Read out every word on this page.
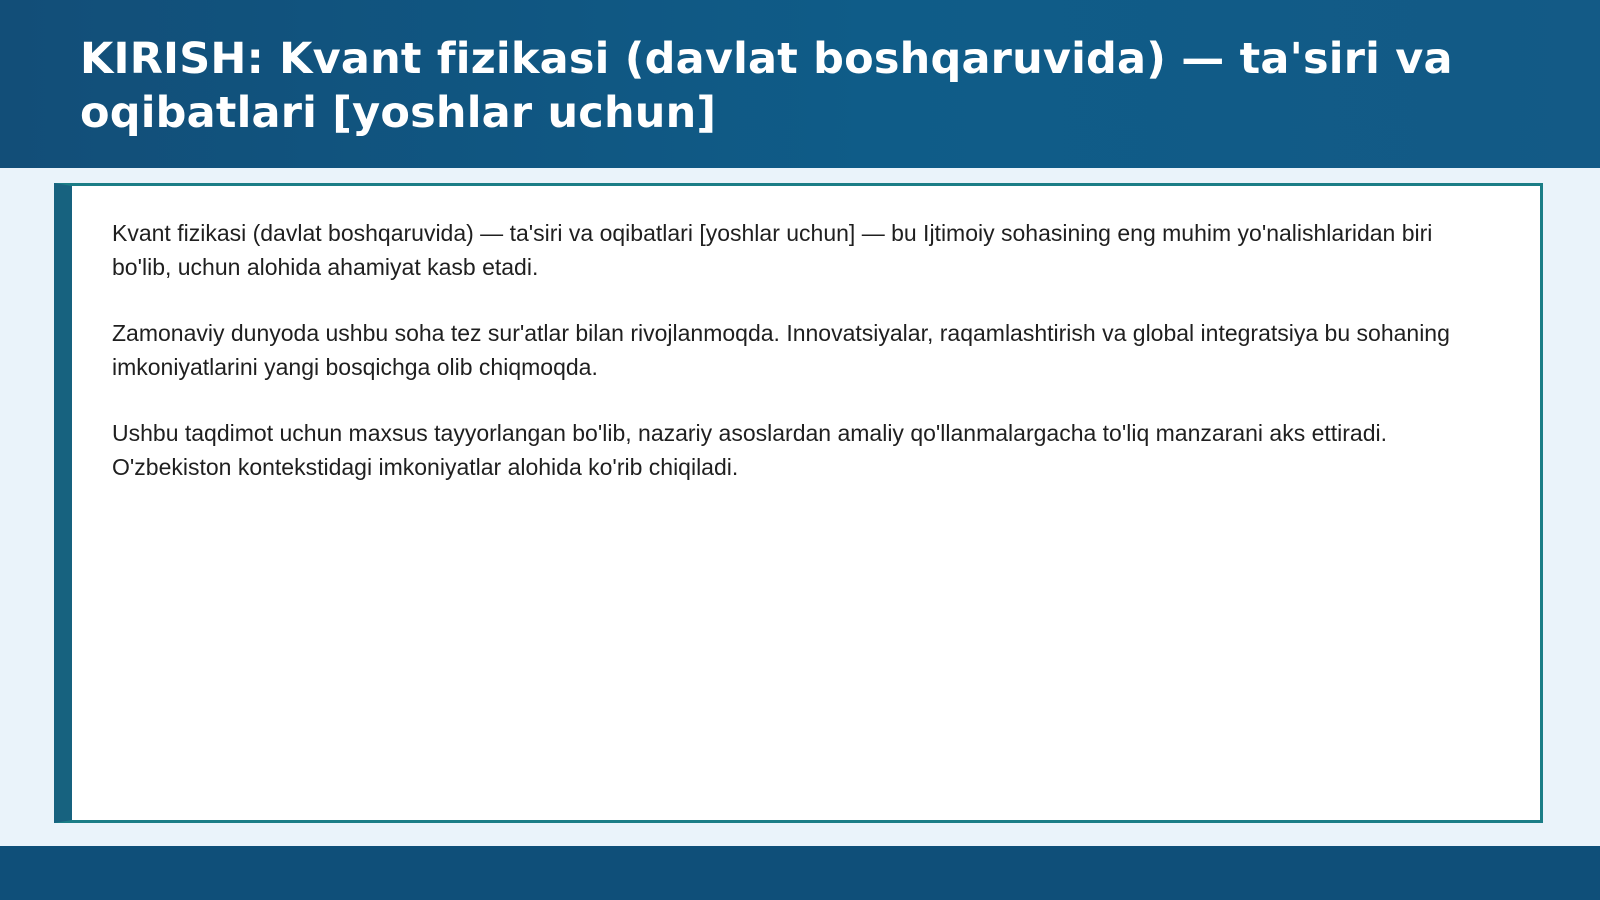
KIRISH: Kvant fizikasi (davlat boshqaruvida) — ta'siri va oqibatlari [yoshlar uchun]

Kvant fizikasi (davlat boshqaruvida) — ta'siri va oqibatlari [yoshlar uchun] — bu Ijtimoiy sohasining eng muhim yo'nalishlaridan biri bo'lib, uchun alohida ahamiyat kasb etadi.

Zamonaviy dunyoda ushbu soha tez sur'atlar bilan rivojlanmoqda. Innovatsiyalar, raqamlashtirish va global integratsiya bu sohaning imkoniyatlarini yangi bosqichga olib chiqmoqda.

Ushbu taqdimot uchun maxsus tayyorlangan bo'lib, nazariy asoslardan amaliy qo'llanmalargacha to'liq manzarani aks ettiradi. O'zbekiston kontekstidagi imkoniyatlar alohida ko'rib chiqiladi.
